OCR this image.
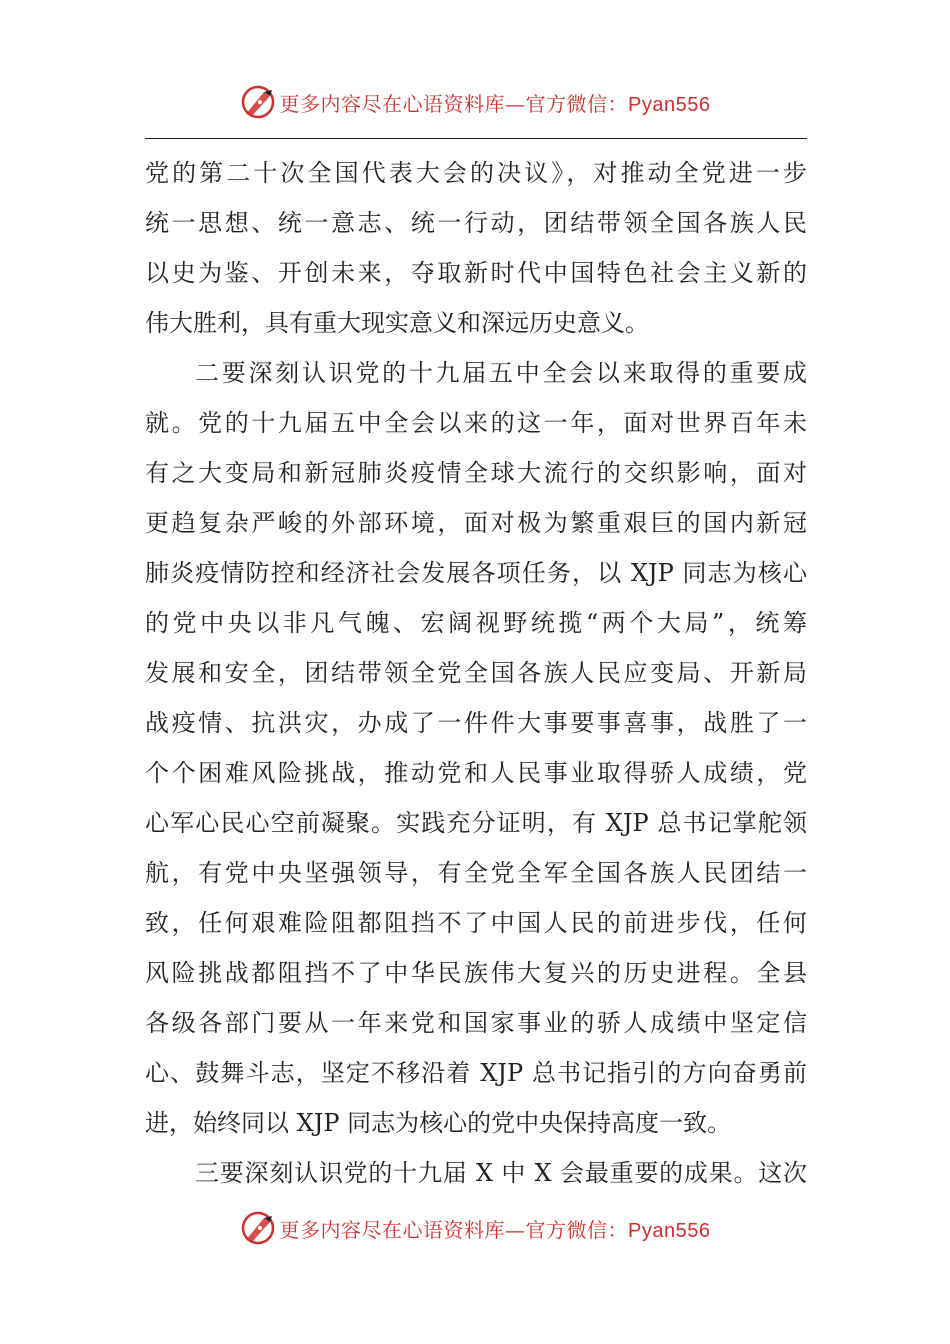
更多内容尽在心语资料库—官方微信：Pyan556
党的第二十次全国代表大会的决议》，对推动全党进一步
统一思想、统一意志、统一行动，团结带领全国各族人民
以史为鉴、开创未来，夺取新时代中国特色社会主义新的
伟大胜利，具有重大现实意义和深远历史意义。
二要深刻认识党的十九届五中全会以来取得的重要成
就。党的十九届五中全会以来的这一年，面对世界百年未
有之大变局和新冠肺炎疫情全球大流行的交织影响，面对
更趋复杂严峻的外部环境，面对极为繁重艰巨的国内新冠
肺炎疫情防控和经济社会发展各项任务，以 XJP 同志为核心
的党中央以非凡气魄、宏阔视野统揽“两个大局”，统筹
发展和安全，团结带领全党全国各族人民应变局、开新局
战疫情、抗洪灾，办成了一件件大事要事喜事，战胜了一
个个困难风险挑战，推动党和人民事业取得骄人成绩，党
心军心民心空前凝聚。实践充分证明，有 XJP 总书记掌舵领
航，有党中央坚强领导，有全党全军全国各族人民团结一
致，任何艰难险阻都阻挡不了中国人民的前进步伐，任何
风险挑战都阻挡不了中华民族伟大复兴的历史进程。全县
各级各部门要从一年来党和国家事业的骄人成绩中坚定信
心、鼓舞斗志，坚定不移沿着 XJP 总书记指引的方向奋勇前
进，始终同以 XJP 同志为核心的党中央保持高度一致。
三要深刻认识党的十九届 X 中 X 会最重要的成果。这次
更多内容尽在心语资料库—官方微信：Pyan556
